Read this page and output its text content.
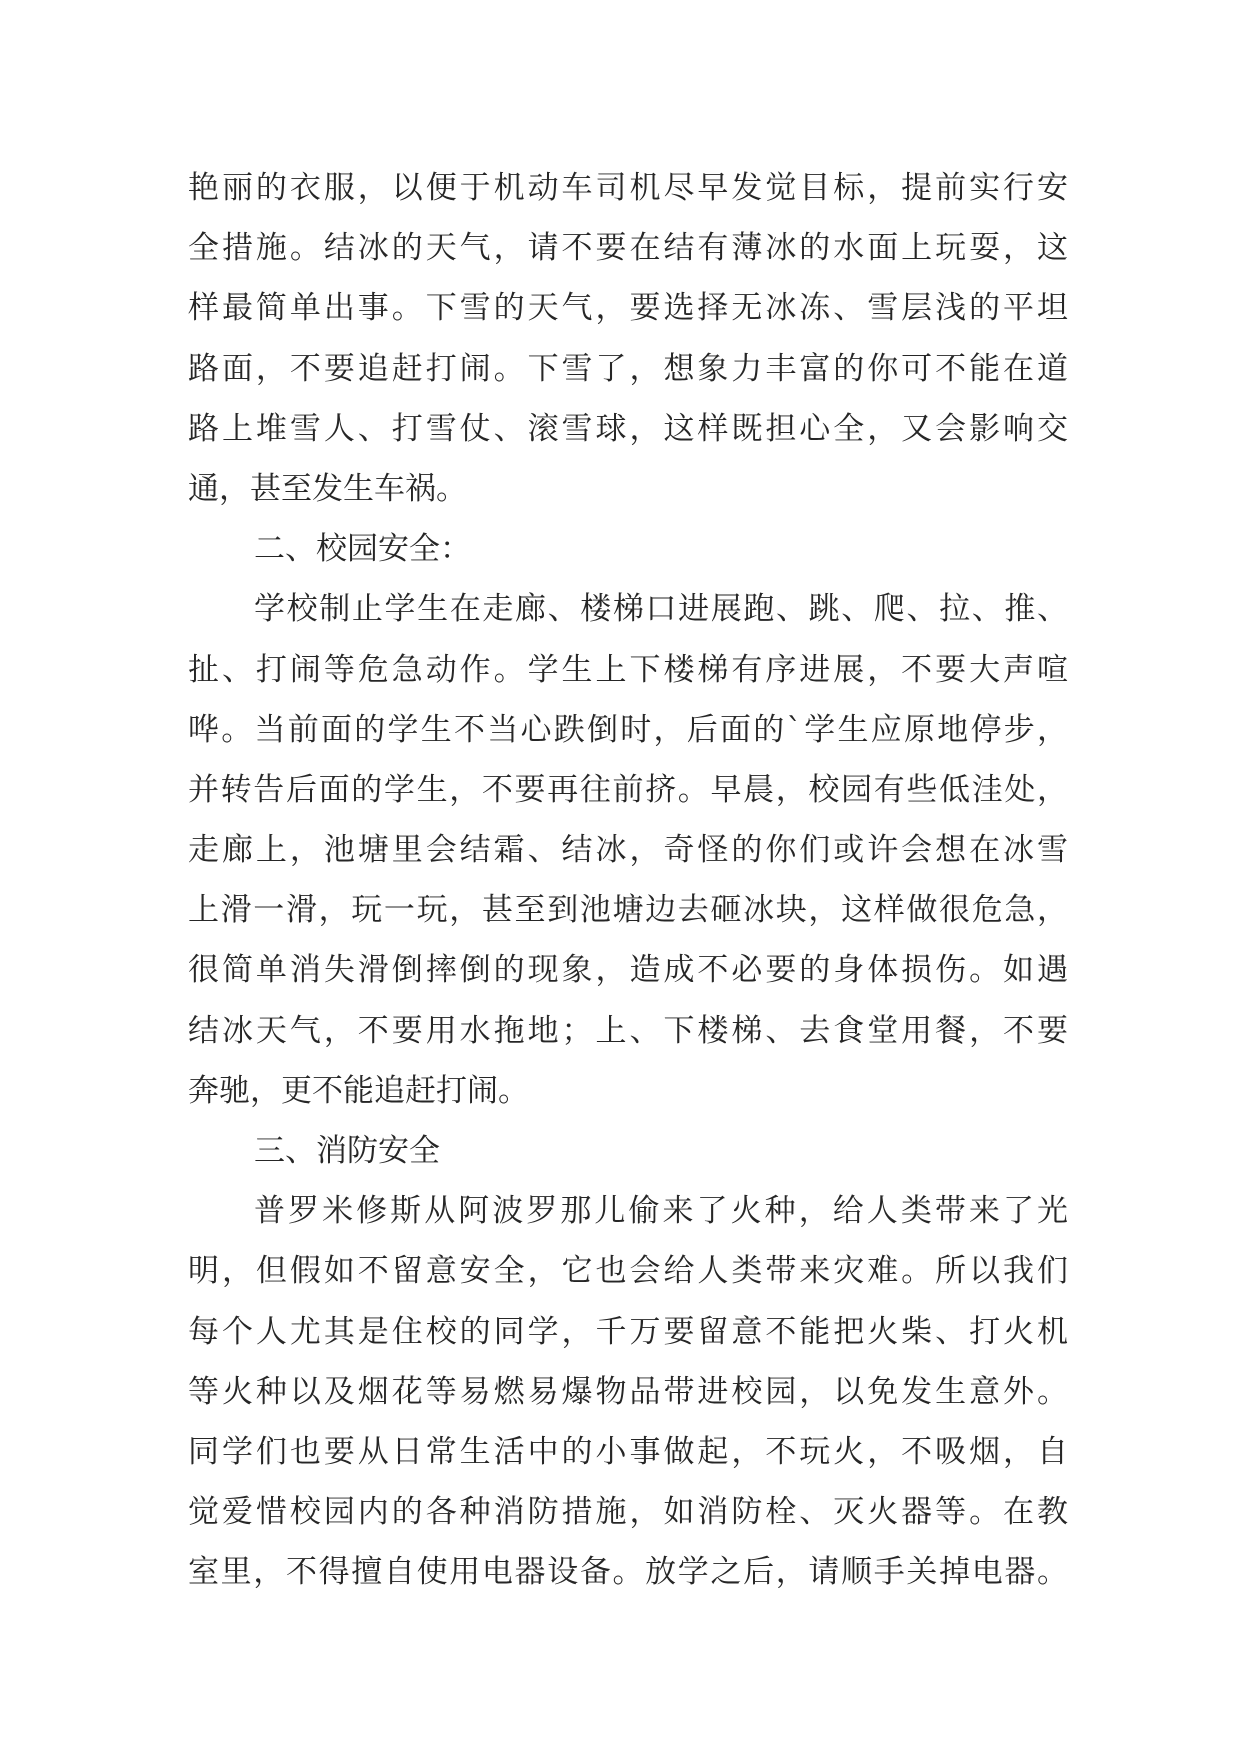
艳丽的衣服，以便于机动车司机尽早发觉目标，提前实行安
全措施。结冰的天气，请不要在结有薄冰的水面上玩耍，这
样最简单出事。下雪的天气，要选择无冰冻、雪层浅的平坦
路面，不要追赶打闹。下雪了，想象力丰富的你可不能在道
路上堆雪人、打雪仗、滚雪球，这样既担心全，又会影响交
通，甚至发生车祸。
二、校园安全：
学校制止学生在走廊、楼梯口进展跑、跳、爬、拉、推、
扯、打闹等危急动作。学生上下楼梯有序进展，不要大声喧
哗。当前面的学生不当心跌倒时，后面的`学生应原地停步，
并转告后面的学生，不要再往前挤。早晨，校园有些低洼处，
走廊上，池塘里会结霜、结冰，奇怪的你们或许会想在冰雪
上滑一滑，玩一玩，甚至到池塘边去砸冰块，这样做很危急，
很简单消失滑倒摔倒的现象，造成不必要的身体损伤。如遇
结冰天气，不要用水拖地；上、下楼梯、去食堂用餐，不要
奔驰，更不能追赶打闹。
三、消防安全
普罗米修斯从阿波罗那儿偷来了火种，给人类带来了光
明，但假如不留意安全，它也会给人类带来灾难。所以我们
每个人尤其是住校的同学，千万要留意不能把火柴、打火机
等火种以及烟花等易燃易爆物品带进校园，以免发生意外。
同学们也要从日常生活中的小事做起，不玩火，不吸烟，自
觉爱惜校园内的各种消防措施，如消防栓、灭火器等。在教
室里，不得擅自使用电器设备。放学之后，请顺手关掉电器。
